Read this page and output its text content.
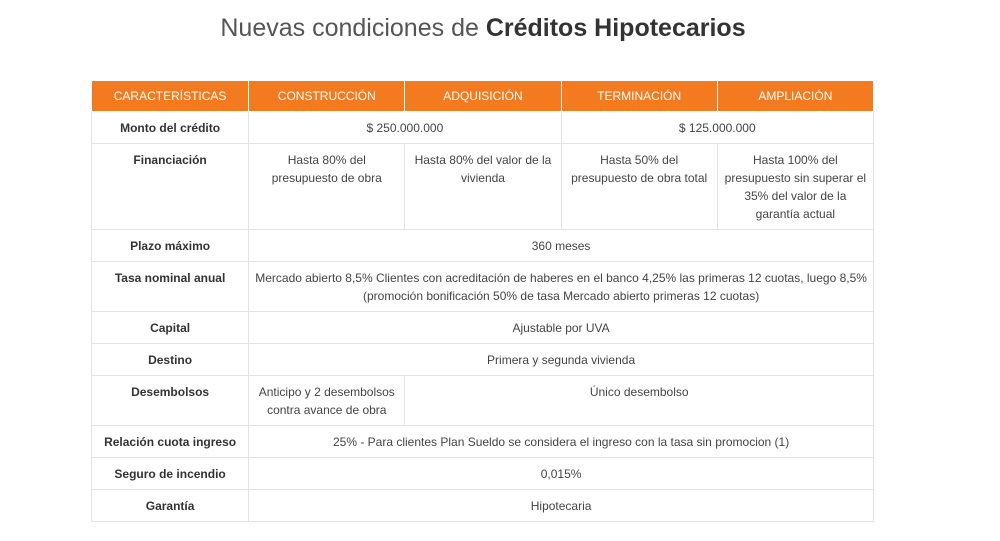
Nuevas condiciones de Créditos Hipotecarios
CARACTERÍSTICAS	CONSTRUCCIÓN	ADQUISICIÓN	TERMINACIÓN	AMPLIACIÓN
Monto del crédito	$ 250.000.000		$ 125.000.000	
Financiación	Hasta 80% del presupuesto de obra	Hasta 80% del valor de la vivienda	Hasta 50% del presupuesto de obra total	Hasta 100% del presupuesto sin superar el 35% del valor de la garantía actual
Plazo máximo	360 meses			
Tasa nominal anual	Mercado abierto 8,5% Clientes con acreditación de haberes en el banco 4,25% las primeras 12 cuotas, luego 8,5% (promoción bonificación 50% de tasa Mercado abierto primeras 12 cuotas)			
Capital	Ajustable por UVA			
Destino	Primera y segunda vivienda			
Desembolsos	Anticipo y 2 desembolsos contra avance de obra	Único desembolso		
Relación cuota ingreso	25% - Para clientes Plan Sueldo se considera el ingreso con la tasa sin promocion (1)			
Seguro de incendio	0,015%			
Garantía	Hipotecaria			
